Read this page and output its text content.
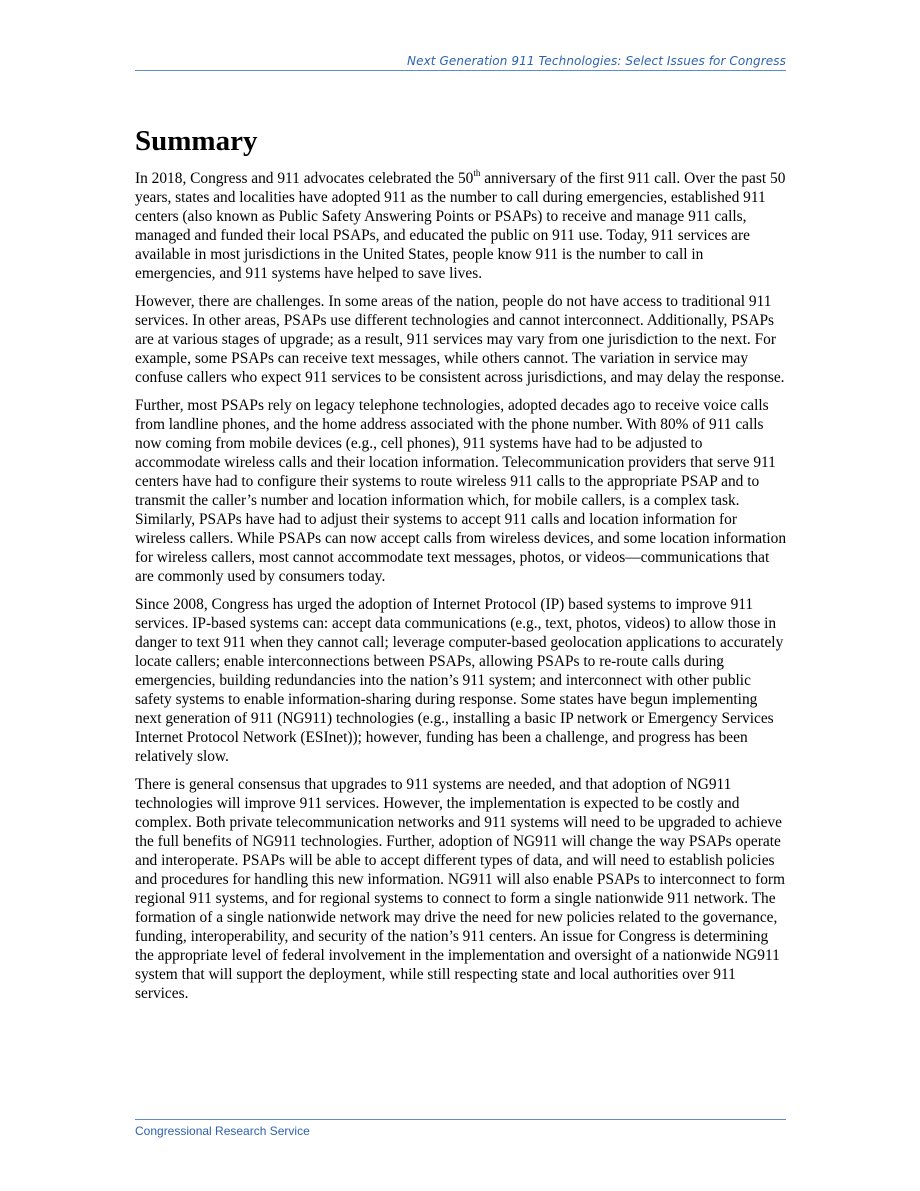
Next Generation 911 Technologies: Select Issues for Congress
Summary

In 2018, Congress and 911 advocates celebrated the 50th anniversary of the first 911 call. Over the past 50 years, states and localities have adopted 911 as the number to call during emergencies, established 911 centers (also known as Public Safety Answering Points or PSAPs) to receive and manage 911 calls, managed and funded their local PSAPs, and educated the public on 911 use. Today, 911 services are available in most jurisdictions in the United States, people know 911 is the number to call in emergencies, and 911 systems have helped to save lives.

However, there are challenges. In some areas of the nation, people do not have access to traditional 911 services. In other areas, PSAPs use different technologies and cannot interconnect. Additionally, PSAPs are at various stages of upgrade; as a result, 911 services may vary from one jurisdiction to the next. For example, some PSAPs can receive text messages, while others cannot. The variation in service may confuse callers who expect 911 services to be consistent across jurisdictions, and may delay the response.

Further, most PSAPs rely on legacy telephone technologies, adopted decades ago to receive voice calls from landline phones, and the home address associated with the phone number. With 80% of 911 calls now coming from mobile devices (e.g., cell phones), 911 systems have had to be adjusted to accommodate wireless calls and their location information. Telecommunication providers that serve 911 centers have had to configure their systems to route wireless 911 calls to the appropriate PSAP and to transmit the caller’s number and location information which, for mobile callers, is a complex task. Similarly, PSAPs have had to adjust their systems to accept 911 calls and location information for wireless callers. While PSAPs can now accept calls from wireless devices, and some location information for wireless callers, most cannot accommodate text messages, photos, or videos—communications that are commonly used by consumers today.

Since 2008, Congress has urged the adoption of Internet Protocol (IP) based systems to improve 911 services. IP-based systems can: accept data communications (e.g., text, photos, videos) to allow those in danger to text 911 when they cannot call; leverage computer-based geolocation applications to accurately locate callers; enable interconnections between PSAPs, allowing PSAPs to re-route calls during emergencies, building redundancies into the nation’s 911 system; and interconnect with other public safety systems to enable information-sharing during response. Some states have begun implementing next generation of 911 (NG911) technologies (e.g., installing a basic IP network or Emergency Services Internet Protocol Network (ESInet)); however, funding has been a challenge, and progress has been relatively slow.

There is general consensus that upgrades to 911 systems are needed, and that adoption of NG911 technologies will improve 911 services. However, the implementation is expected to be costly and complex. Both private telecommunication networks and 911 systems will need to be upgraded to achieve the full benefits of NG911 technologies. Further, adoption of NG911 will change the way PSAPs operate and interoperate. PSAPs will be able to accept different types of data, and will need to establish policies and procedures for handling this new information. NG911 will also enable PSAPs to interconnect to form regional 911 systems, and for regional systems to connect to form a single nationwide 911 network. The formation of a single nationwide network may drive the need for new policies related to the governance, funding, interoperability, and security of the nation’s 911 centers. An issue for Congress is determining the appropriate level of federal involvement in the implementation and oversight of a nationwide NG911 system that will support the deployment, while still respecting state and local authorities over 911 services.

Congressional Research Service
